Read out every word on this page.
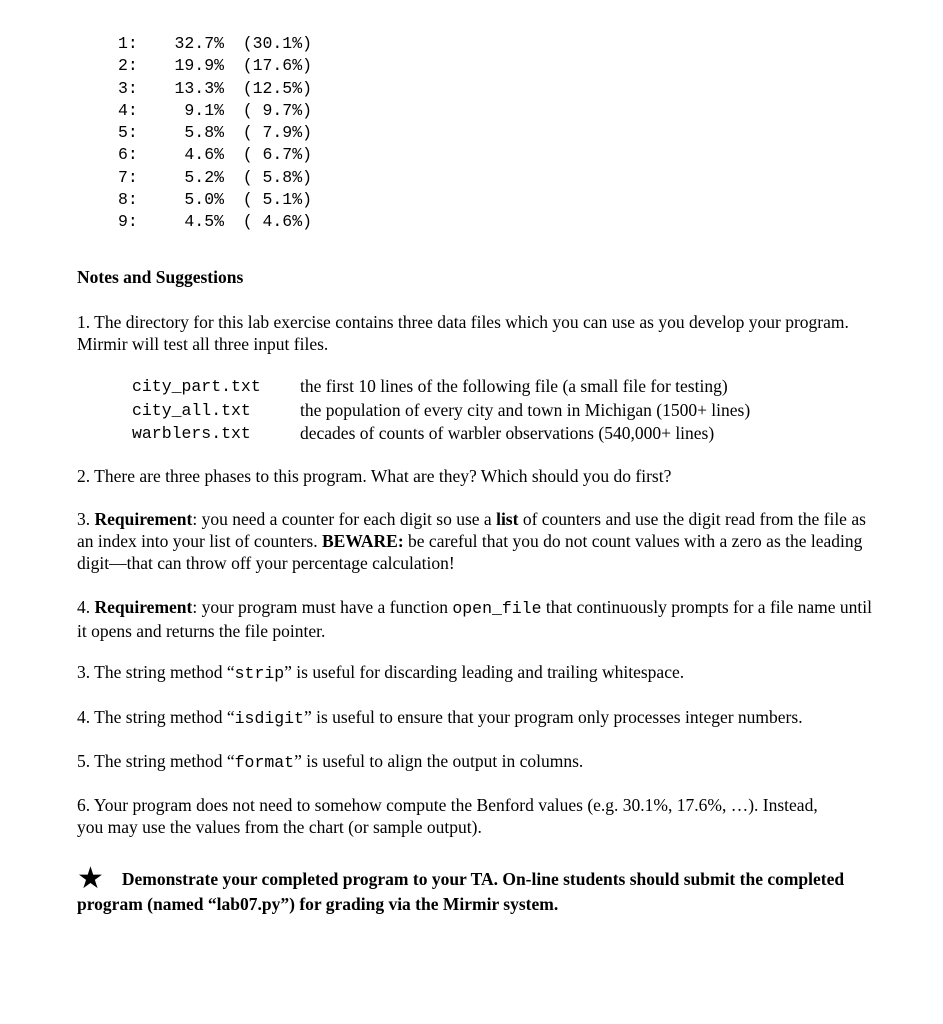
1: 32.7% (30.1%)
2: 19.9% (17.6%)
3: 13.3% (12.5%)
4:	9.1% ( 9.7%)
5:	5.8% ( 7.9%)
6:	4.6% ( 6.7%)
7:	5.2% ( 5.8%)
8:	5.0% ( 5.1%)
9:	4.5% ( 4.6%)
Notes and Suggestions
1. The directory for this lab exercise contains three data files which you can use as you develop your program. Mirmir will test all three input files.
city_part.txt	the first 10 lines of the following file (a small file for testing)
city_all.txt	the population of every city and town in Michigan (1500+ lines)
warblers.txt	decades of counts of warbler observations (540,000+ lines)
2. There are three phases to this program. What are they? Which should you do first?
3. Requirement: you need a counter for each digit so use a list of counters and use the digit read from the file as an index into your list of counters. BEWARE: be careful that you do not count values with a zero as the leading digit—that can throw off your percentage calculation!
4. Requirement: your program must have a function open_file that continuously prompts for a file name until it opens and returns the file pointer.
3. The string method “strip” is useful for discarding leading and trailing whitespace.
4. The string method “isdigit” is useful to ensure that your program only processes integer numbers.
5. The string method “format” is useful to align the output in columns.
6. Your program does not need to somehow compute the Benford values (e.g. 30.1%, 17.6%, …). Instead, you may use the values from the chart (or sample output).
★ Demonstrate your completed program to your TA. On-line students should submit the completed program (named “lab07.py”) for grading via the Mirmir system.
